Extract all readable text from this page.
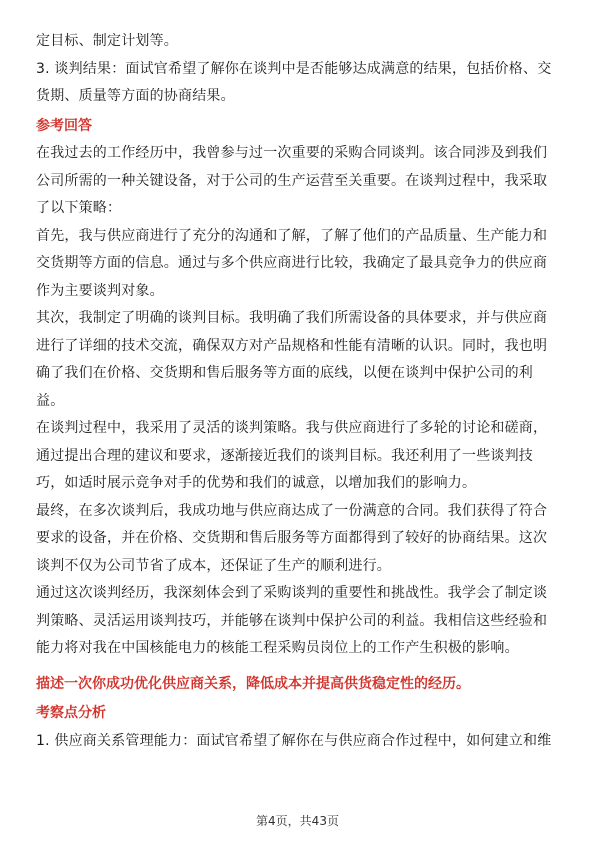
定目标、制定计划等。

3. 谈判结果：面试官希望了解你在谈判中是否能够达成满意的结果，包括价格、交货期、质量等方面的协商结果。

参考回答

在我过去的工作经历中，我曾参与过一次重要的采购合同谈判。该合同涉及到我们公司所需的一种关键设备，对于公司的生产运营至关重要。在谈判过程中，我采取了以下策略：

首先，我与供应商进行了充分的沟通和了解，了解了他们的产品质量、生产能力和交货期等方面的信息。通过与多个供应商进行比较，我确定了最具竞争力的供应商作为主要谈判对象。

其次，我制定了明确的谈判目标。我明确了我们所需设备的具体要求，并与供应商进行了详细的技术交流，确保双方对产品规格和性能有清晰的认识。同时，我也明确了我们在价格、交货期和售后服务等方面的底线，以便在谈判中保护公司的利益。

在谈判过程中，我采用了灵活的谈判策略。我与供应商进行了多轮的讨论和磋商，通过提出合理的建议和要求，逐渐接近我们的谈判目标。我还利用了一些谈判技巧，如适时展示竞争对手的优势和我们的诚意，以增加我们的影响力。

最终，在多次谈判后，我成功地与供应商达成了一份满意的合同。我们获得了符合要求的设备，并在价格、交货期和售后服务等方面都得到了较好的协商结果。这次谈判不仅为公司节省了成本，还保证了生产的顺利进行。

通过这次谈判经历，我深刻体会到了采购谈判的重要性和挑战性。我学会了制定谈判策略、灵活运用谈判技巧，并能够在谈判中保护公司的利益。我相信这些经验和能力将对我在中国核能电力的核能工程采购员岗位上的工作产生积极的影响。

描述一次你成功优化供应商关系，降低成本并提高供货稳定性的经历。

考察点分析

1. 供应商关系管理能力：面试官希望了解你在与供应商合作过程中，如何建立和维

第4页，共43页
